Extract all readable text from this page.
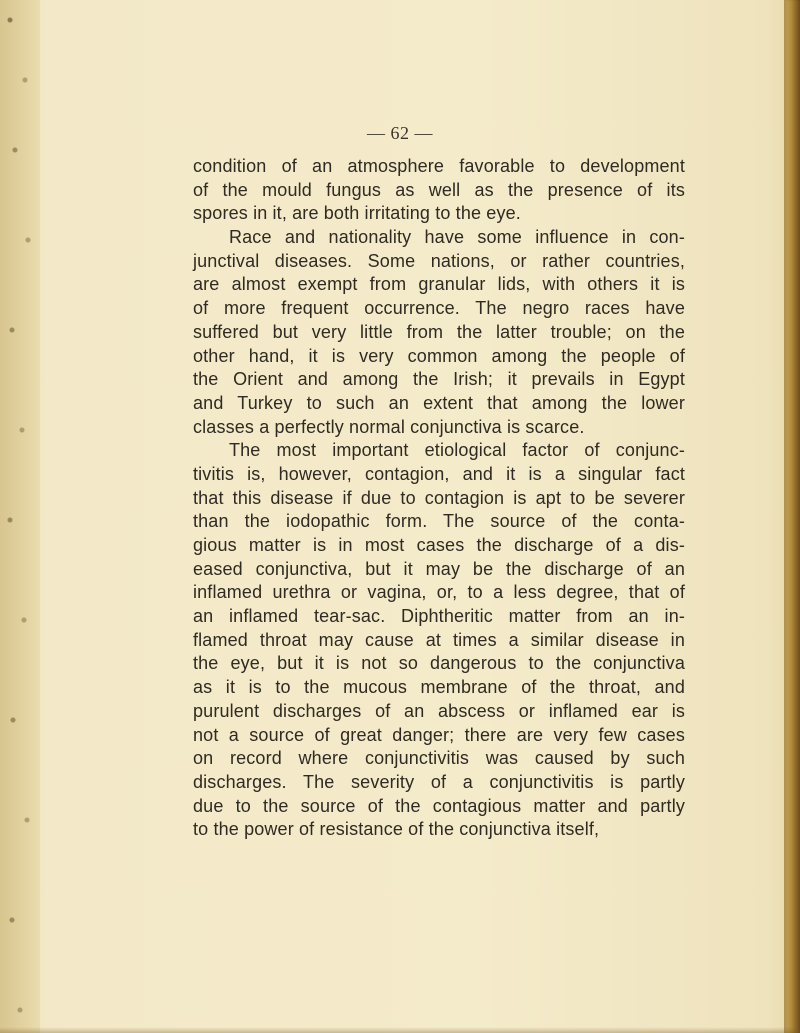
— 62 —

condition of an atmosphere favorable to development

of the mould fungus as well as the presence of its

spores in it, are both irritating to the eye.

Race and nationality have some influence in con-

junctival diseases. Some nations, or rather countries,

are almost exempt from granular lids, with others it is

of more frequent occurrence. The negro races have

suffered but very little from the latter trouble; on the

other hand, it is very common among the people of

the Orient and among the Irish; it prevails in Egypt

and Turkey to such an extent that among the lower

classes a perfectly normal conjunctiva is scarce.

The most important etiological factor of conjunc-

tivitis is, however, contagion, and it is a singular fact

that this disease if due to contagion is apt to be severer

than the iodopathic form. The source of the conta-

gious matter is in most cases the discharge of a dis-

eased conjunctiva, but it may be the discharge of an

inflamed urethra or vagina, or, to a less degree, that of

an inflamed tear-sac. Diphtheritic matter from an in-

flamed throat may cause at times a similar disease in

the eye, but it is not so dangerous to the conjunctiva

as it is to the mucous membrane of the throat, and

purulent discharges of an abscess or inflamed ear is

not a source of great danger; there are very few cases

on record where conjunctivitis was caused by such

discharges. The severity of a conjunctivitis is partly

due to the source of the contagious matter and partly

to the power of resistance of the conjunctiva itself,
